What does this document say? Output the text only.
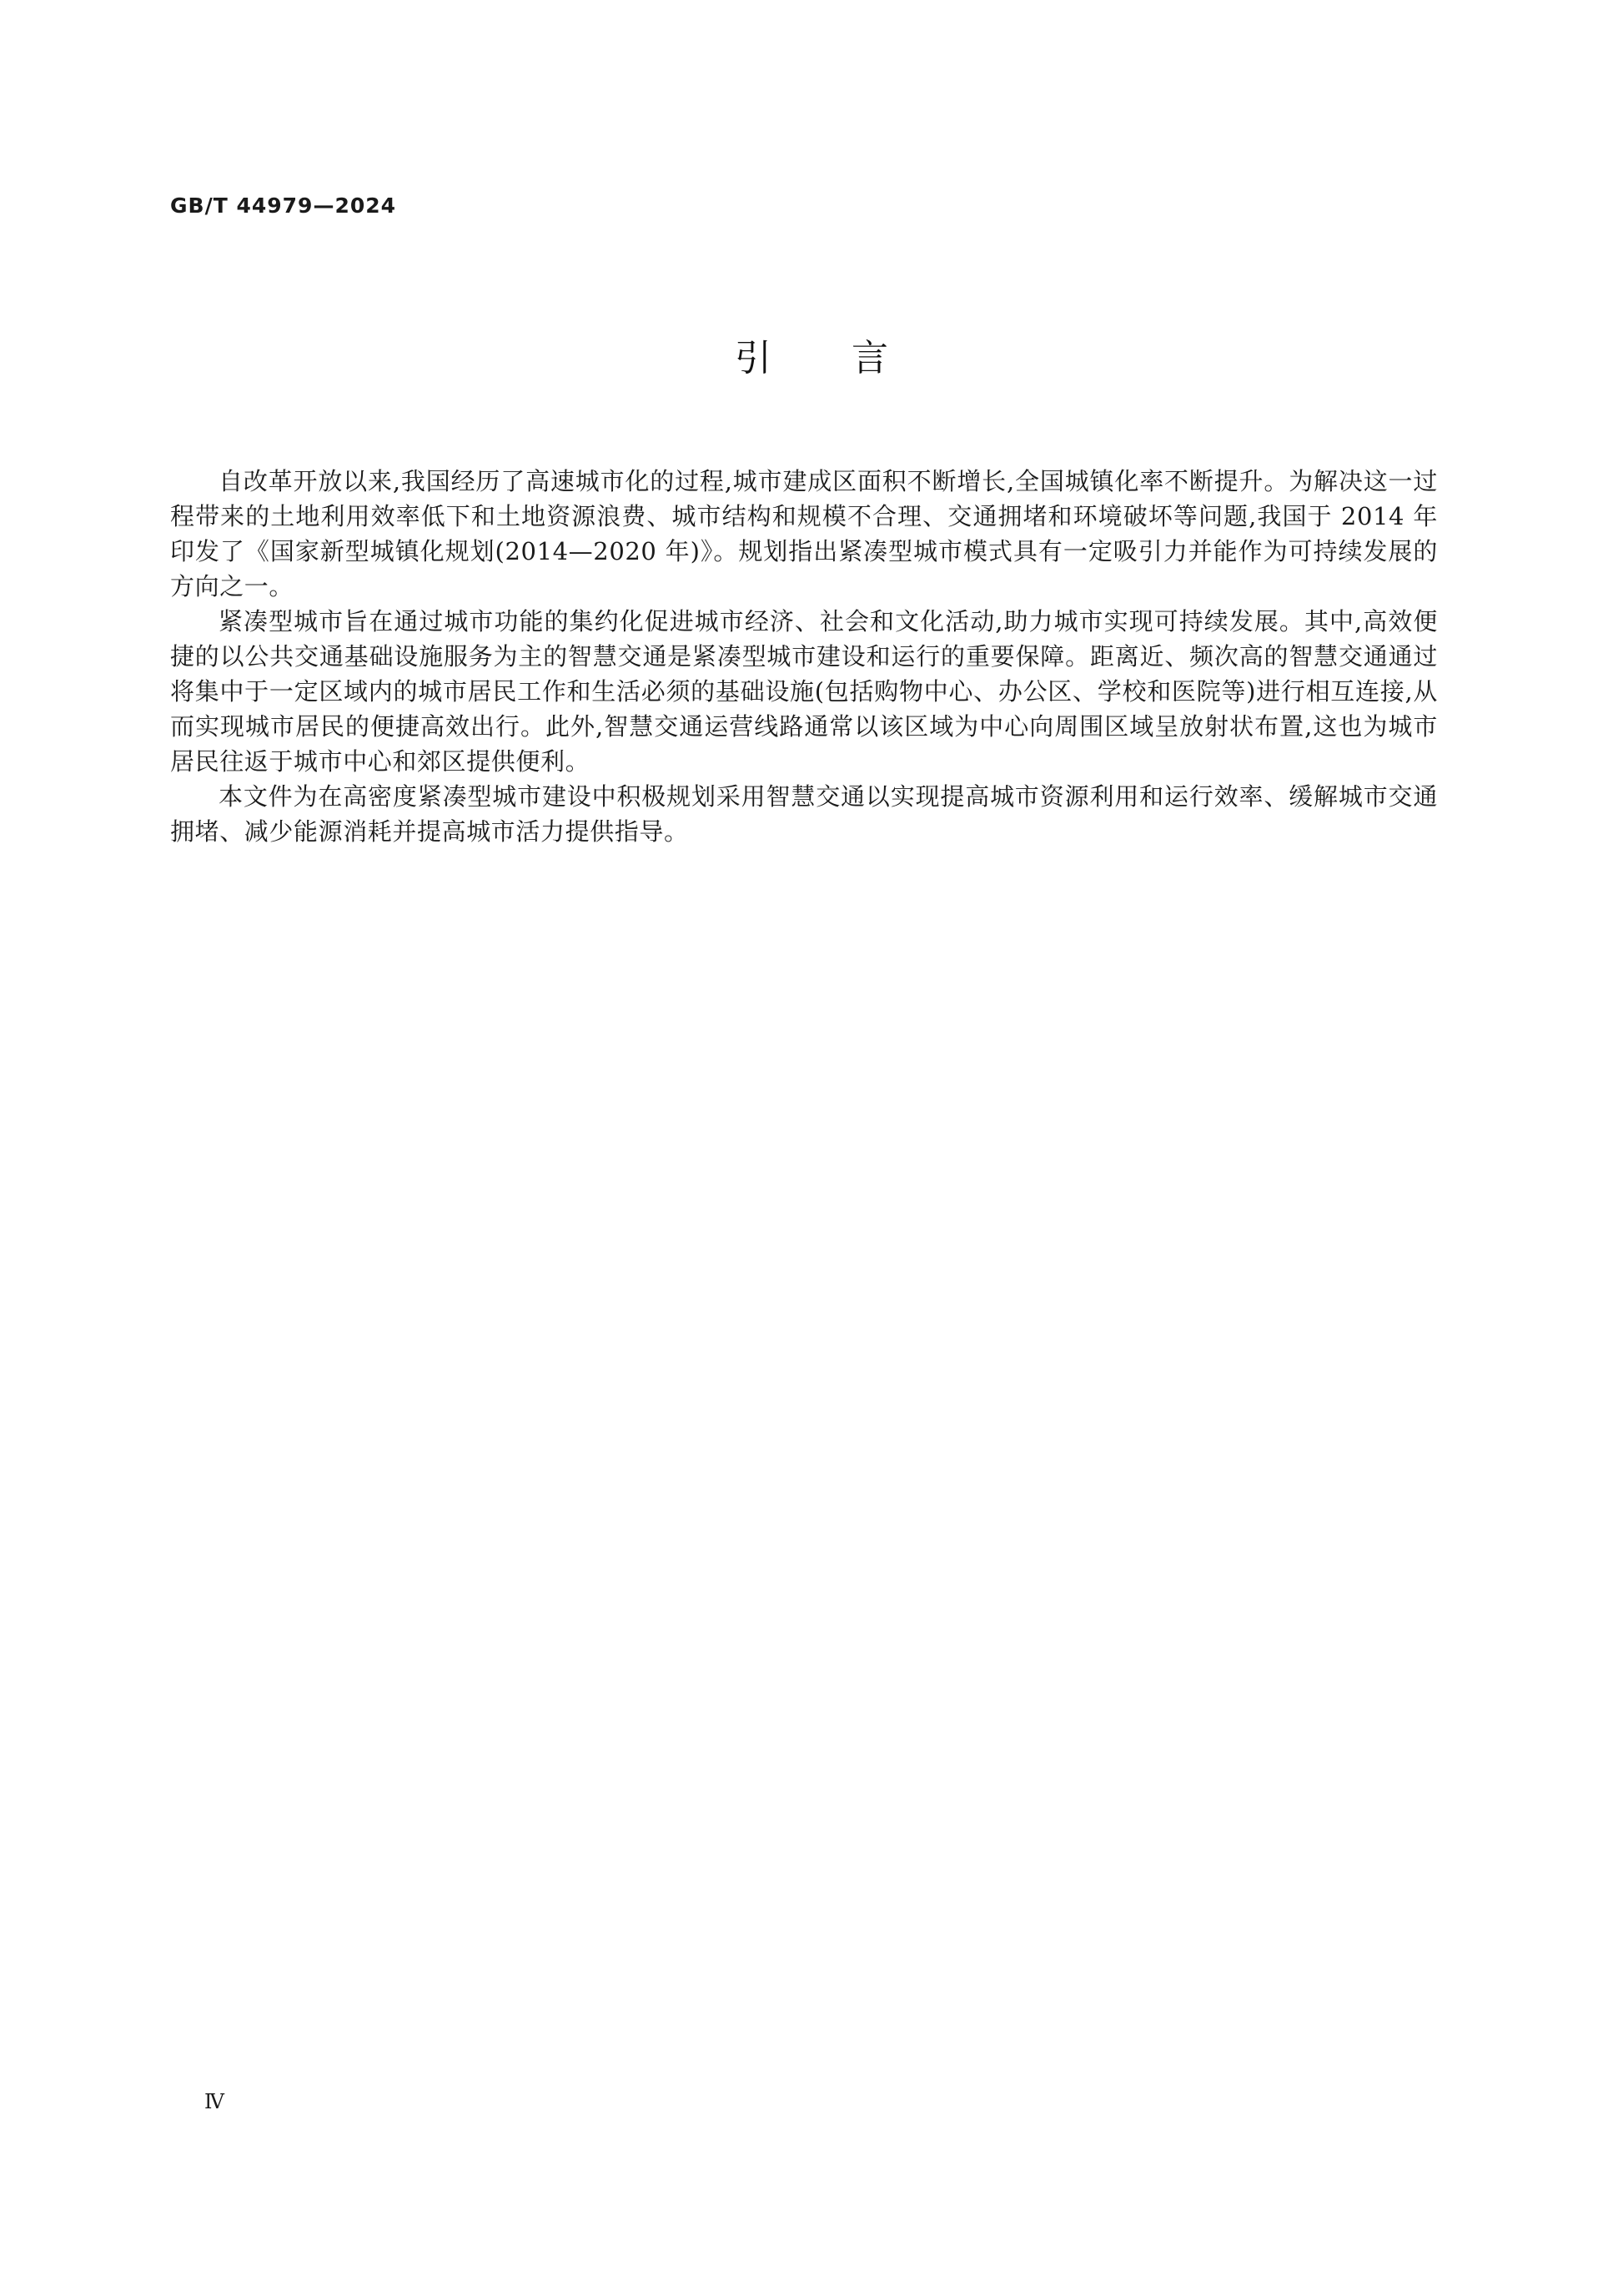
GB/T 44979—2024
引言

自改革开放以来,我国经历了高速城市化的过程,城市建成区面积不断增长,全国城镇化率不断提升。为解决这一过程带来的土地利用效率低下和土地资源浪费、城市结构和规模不合理、交通拥堵和环境破坏等问题,我国于 2014 年印发了《国家新型城镇化规划(2014—2020 年)》。规划指出紧凑型城市模式具有一定吸引力并能作为可持续发展的方向之一。

紧凑型城市旨在通过城市功能的集约化促进城市经济、社会和文化活动,助力城市实现可持续发展。其中,高效便捷的以公共交通基础设施服务为主的智慧交通是紧凑型城市建设和运行的重要保障。距离近、频次高的智慧交通通过将集中于一定区域内的城市居民工作和生活必须的基础设施(包括购物中心、办公区、学校和医院等)进行相互连接,从而实现城市居民的便捷高效出行。此外,智慧交通运营线路通常以该区域为中心向周围区域呈放射状布置,这也为城市居民往返于城市中心和郊区提供便利。

本文件为在高密度紧凑型城市建设中积极规划采用智慧交通以实现提高城市资源利用和运行效率、缓解城市交通拥堵、减少能源消耗并提高城市活力提供指导。

Ⅳ
